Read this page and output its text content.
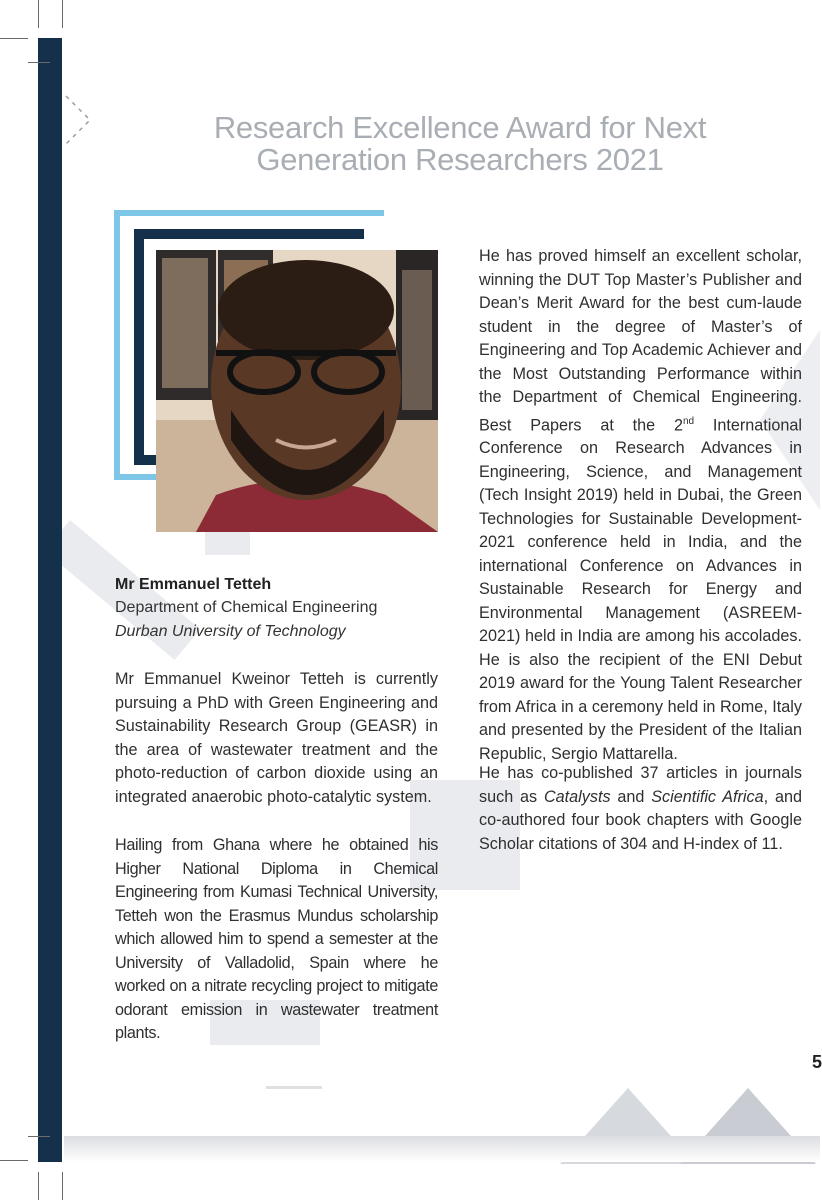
Research Excellence Award for Next
Generation Researchers 2021
Mr Emmanuel Tetteh
Department of Chemical Engineering
Durban University of Technology

Mr Emmanuel Kweinor Tetteh is currently pursuing a PhD with Green Engineering and Sustainability Research Group (GEASR) in the area of wastewater treatment and the photo-reduction of carbon dioxide using an integrated anaerobic photo-catalytic system.

Hailing from Ghana where he obtained his Higher National Diploma in Chemical Engineering from Kumasi Technical University, Tetteh won the Erasmus Mundus scholarship which allowed him to spend a semester at the University of Valladolid, Spain where he worked on a nitrate recycling project to mitigate odorant emission in wastewater treatment plants.

He has proved himself an excellent scholar, winning the DUT Top Master’s Publisher and Dean’s Merit Award for the best cum-laude student in the degree of Master’s of Engineering and Top Academic Achiever and the Most Outstanding Performance within the Department of Chemical Engineering. Best Papers at the 2nd International Conference on Research Advances in Engineering, Science, and Management (Tech Insight 2019) held in Dubai, the Green Technologies for Sustainable Development-2021 conference held in India, and the international Conference on Advances in Sustainable Research for Energy and Environmental Management (ASREEM-2021) held in India are among his accolades. He is also the recipient of the ENI Debut 2019 award for the Young Talent Researcher from Africa in a ceremony held in Rome, Italy and presented by the President of the Italian Republic, Sergio Mattarella.

He has co-published 37 articles in journals such as Catalysts and Scientific Africa, and co-authored four book chapters with Google Scholar citations of 304 and H-index of 11.

5
